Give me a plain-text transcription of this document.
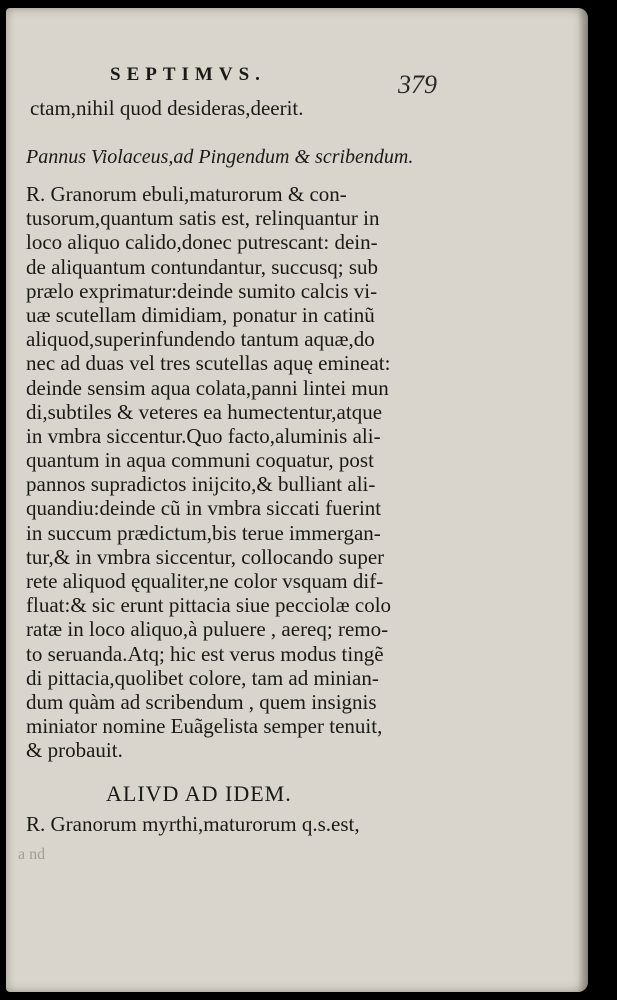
SEPTIMVS.	379
ctam,nihil quod desideras,deerit.
Pannus Violaceus,ad Pingendum & scribendum.
R. Granorum ebuli,maturorum & con-
tusorum,quantum satis est, relinquantur in
loco aliquo calido,donec putrescant: dein-
de aliquantum contundantur, succusq; sub
prælo exprimatur:deinde sumito calcis vi-
uæ scutellam dimidiam, ponatur in catinũ
aliquod,superinfundendo tantum aquæ,do
nec ad duas vel tres scutellas aquę emineat:
deinde sensim aqua colata,panni lintei mun
di,subtiles & veteres ea humectentur,atque
in vmbra siccentur.Quo facto,aluminis ali-
quantum in aqua communi coquatur, post
pannos supradictos inijcito,& bulliant ali-
quandiu:deinde cũ in vmbra siccati fuerint
in succum prædictum,bis terue immergan-
tur,& in vmbra siccentur, collocando super
rete aliquod ęqualiter,ne color vsquam dif-
fluat:& sic erunt pittacia siue pecciolæ colo
ratæ in loco aliquo,à puluere , aereq; remo-
to seruanda.Atq; hic est verus modus tingẽ
di pittacia,quolibet colore, tam ad minian-
dum quàm ad scribendum , quem insignis
miniator nomine Euãgelista semper tenuit,
& probauit.
ALIVD AD IDEM.
R. Granorum myrthi,maturorum q.s.est,
a nd
